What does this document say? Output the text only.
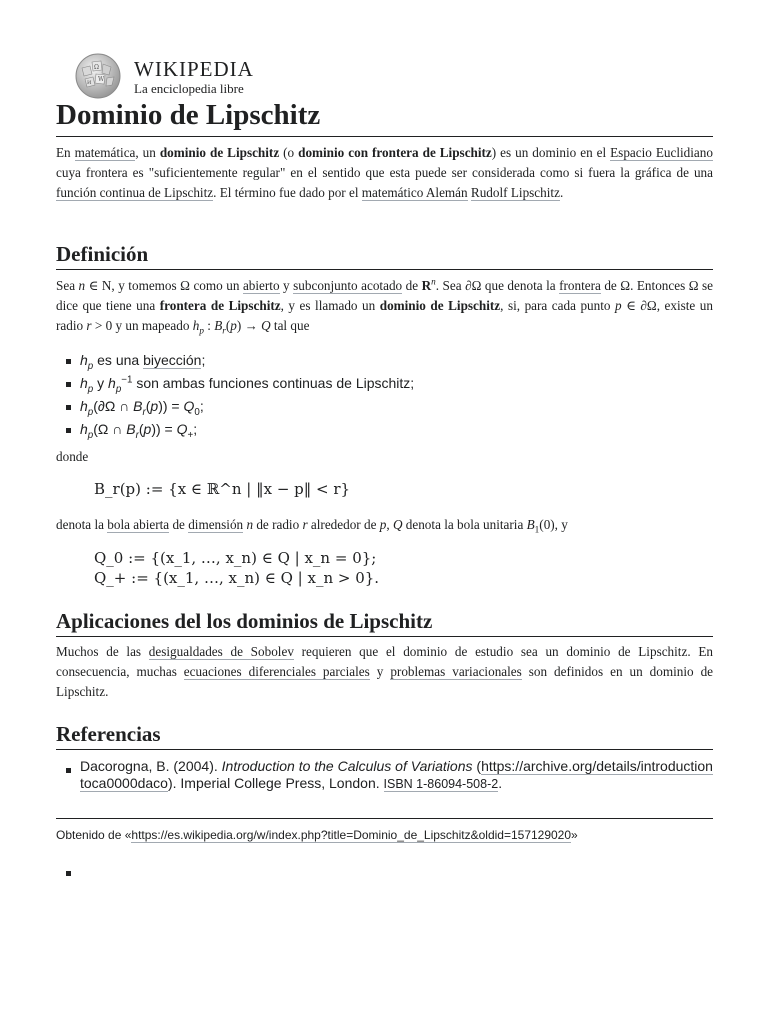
Ω
W
И
WIKIPEDIA
La enciclopedia libre
Dominio de Lipschitz

En matemática, un dominio de Lipschitz (o dominio con frontera de Lipschitz) es un dominio en el Espacio Euclidiano cuya frontera es "suficientemente regular" en el sentido que esta puede ser considerada como si fuera la gráfica de una función continua de Lipschitz. El término fue dado por el matemático Alemán Rudolf Lipschitz.

Definición

Sea n ∈ N, y tomemos Ω como un abierto y subconjunto acotado de $R^n$. Sea ∂Ω que denota la frontera de Ω. Entonces Ω se dice que tiene una frontera de Lipschitz, y es llamado un dominio de Lipschitz, si, para cada punto p ∈ ∂Ω, existe un radio r > 0 y un mapeado $h_p$ : $B_r(p) \to Q$ tal que

$h_p$ es una biyección;
$h_p$ y $h_p^{-1}$ son ambas funciones continuas de Lipschitz;
$h_p(\partial\Omega$ ∩ $B_r(p)) = Q_0$;
$h_p(\Omega$ ∩ $B_r(p)) = Q_+$;

donde

B_r(p) := {x ∈ ℝ^n | ‖x − p‖ < r}

denota la bola abierta de dimensión n de radio r alrededor de p, Q denota la bola unitaria $B_1(0)$, y

Q_0 := {(x_1, …, x_n) ∈ Q | x_n = 0};
Q_+ := {(x_1, …, x_n) ∈ Q | x_n > 0}.
Aplicaciones del los dominios de Lipschitz

Muchos de las desigualdades de Sobolev requieren que el dominio de estudio sea un dominio de Lipschitz. En consecuencia, muchas ecuaciones diferenciales parciales y problemas variacionales son definidos en un dominio de Lipschitz.

Referencias
Dacorogna, B. (2004). Introduction to the Calculus of Variations (https://archive.org/details/introductiontoca0000daco). Imperial College Press, London. ISBN 1-86094-508-2.
Obtenido de «https://es.wikipedia.org/w/index.php?title=Dominio_de_Lipschitz&oldid=157129020»
